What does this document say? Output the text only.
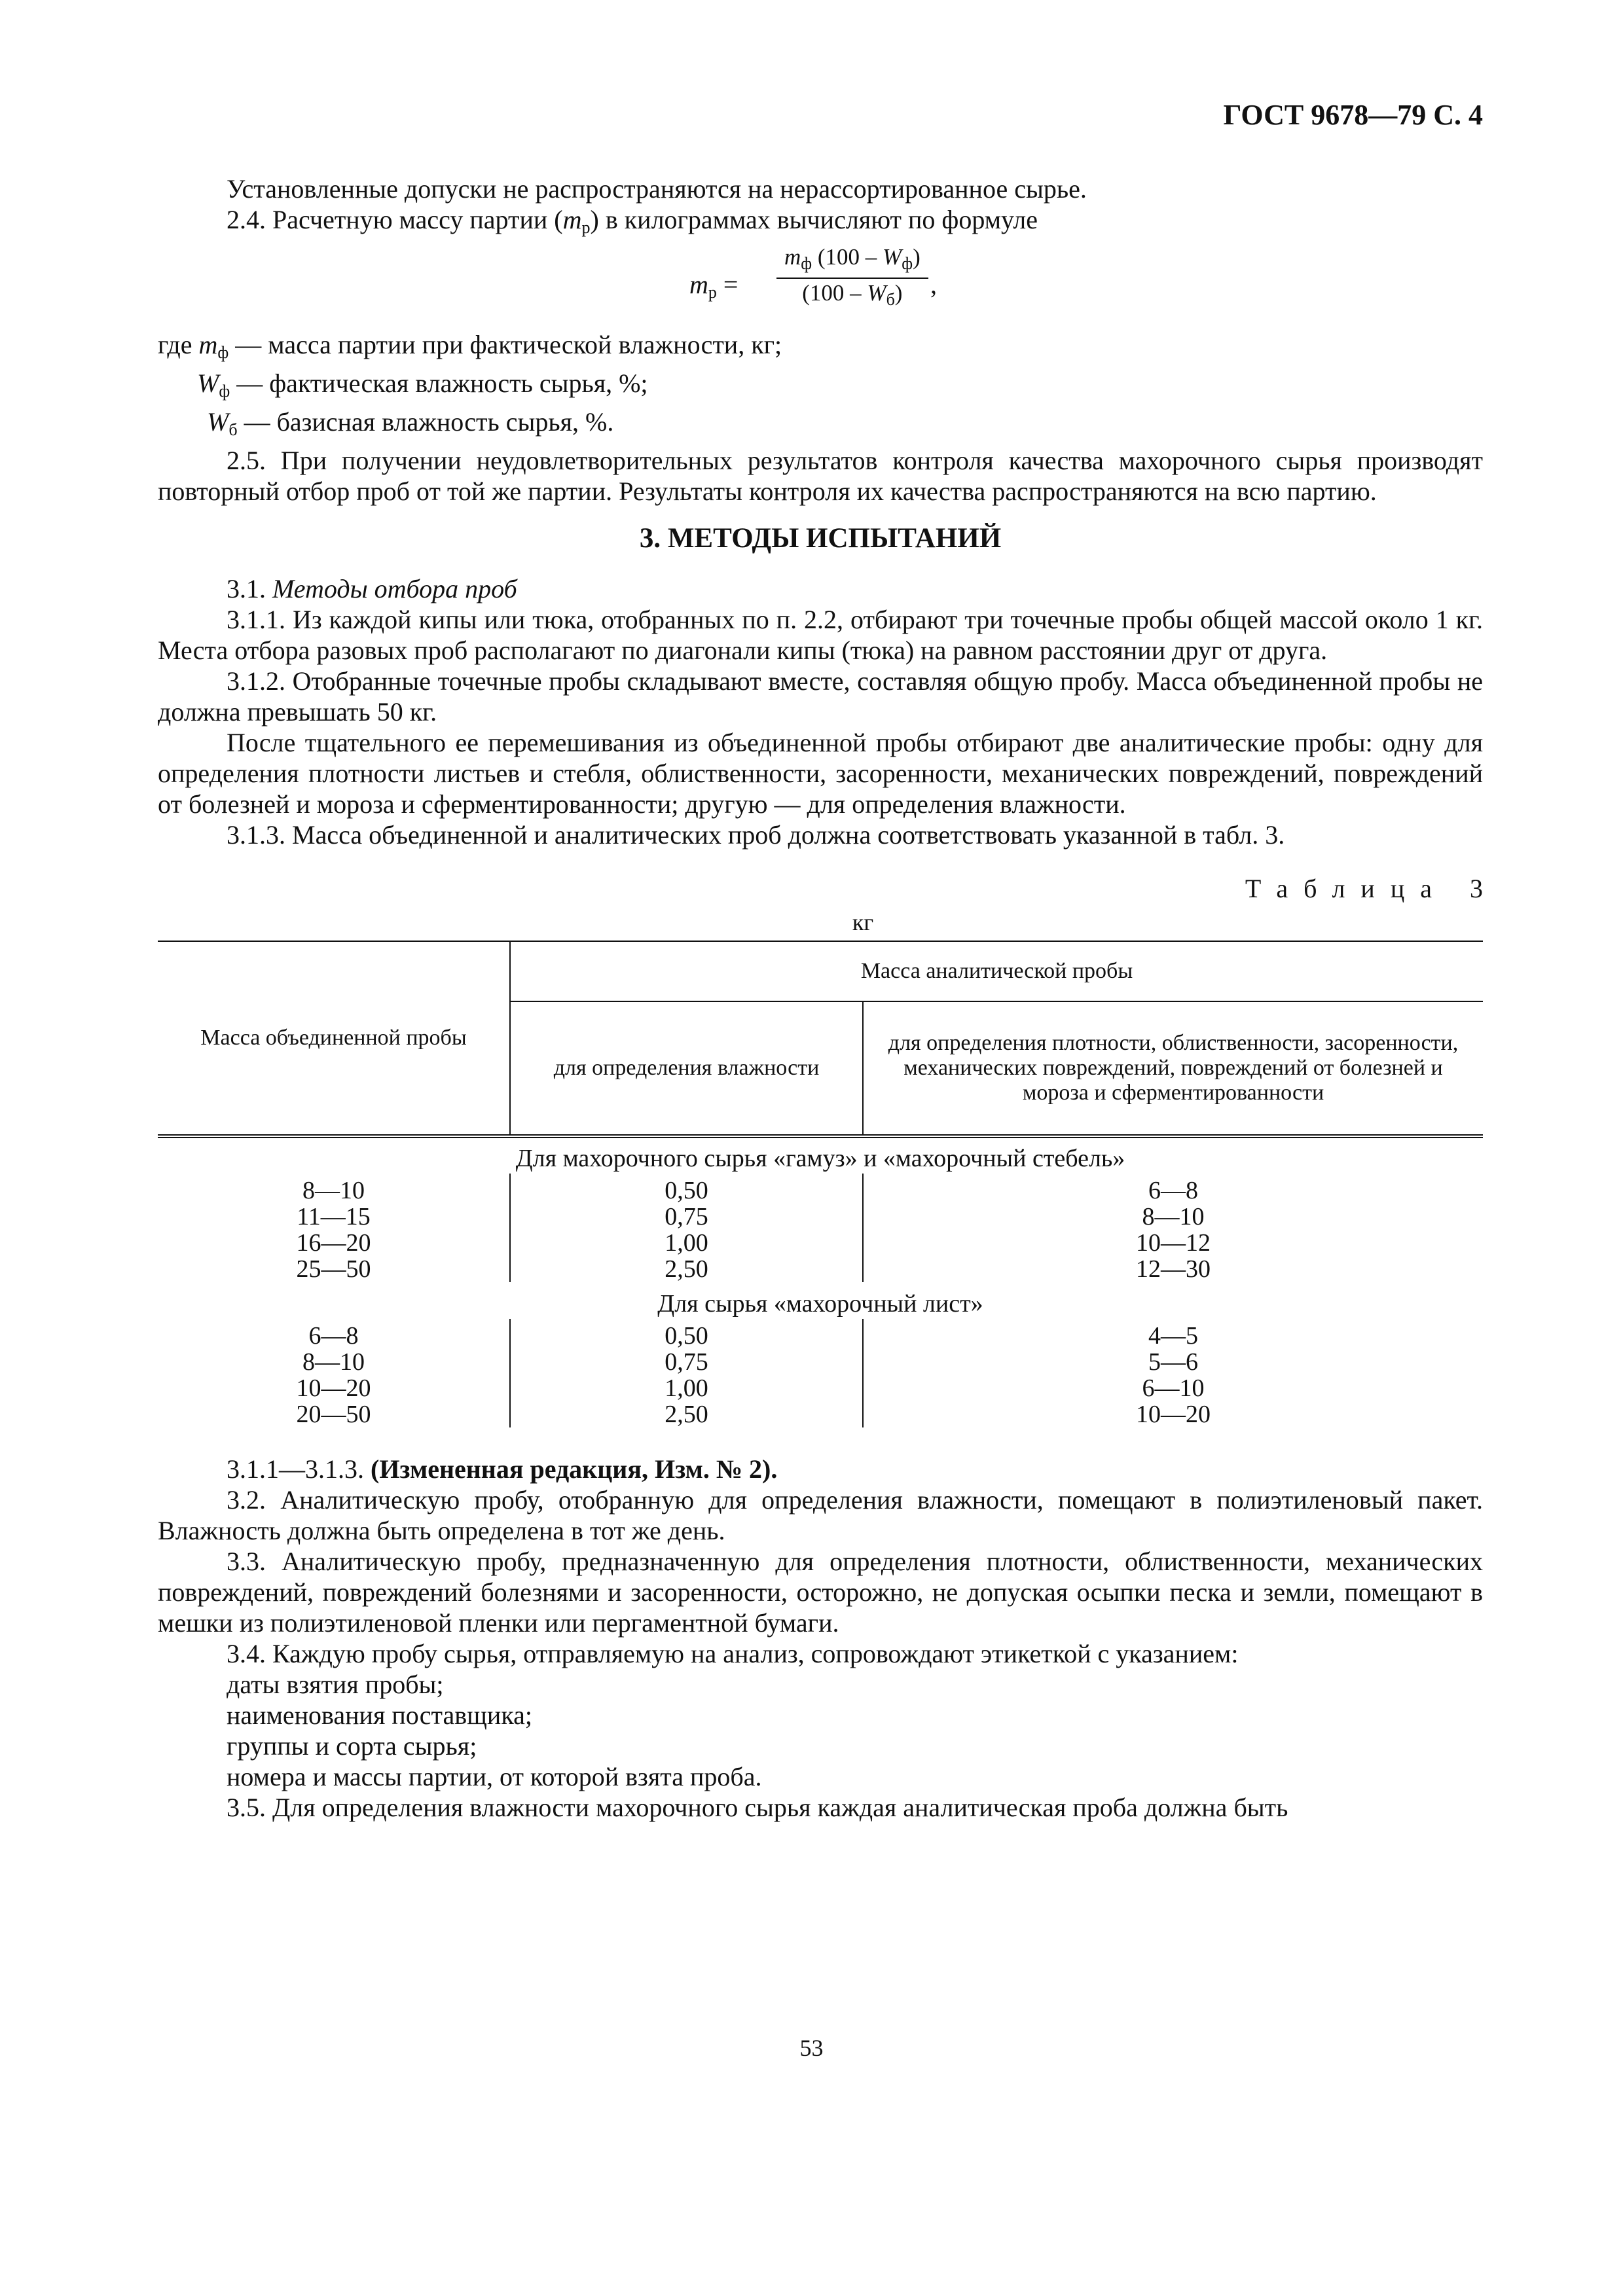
ГОСТ 9678—79 С. 4

Установленные допуски не распространяются на нерассортированное сырье.

2.4. Расчетную массу партии $(m_р)$ в килограммах вычисляют по формуле

$m_р$ =
$m_ф$ $(100 - W_ф)$
$(100 - W_б)$	,
где $m_ф$ — масса партии при фактической влажности, кг;
$W_ф$ — фактическая влажность сырья, %;
$W_б$ — базисная влажность сырья, %.

2.5. При получении неудовлетворительных результатов контроля качества махорочного сырья производят повторный отбор проб от той же партии. Результаты контроля их качества распространяются на всю партию.

3. МЕТОДЫ ИСПЫТАНИЙ

3.1. Методы отбора проб

3.1.1. Из каждой кипы или тюка, отобранных по п. 2.2, отбирают три точечные пробы общей массой около 1 кг. Места отбора разовых проб располагают по диагонали кипы (тюка) на равном расстоянии друг от друга.

3.1.2. Отобранные точечные пробы складывают вместе, составляя общую пробу. Масса объединенной пробы не должна превышать 50 кг.

После тщательного ее перемешивания из объединенной пробы отбирают две аналитические пробы: одну для определения плотности листьев и стебля, облиственности, засоренности, механических повреждений, повреждений от болезней и мороза и сферментированности; другую — для определения влажности.

3.1.3. Масса объединенной и аналитических проб должна соответствовать указанной в табл. 3.

Таблица 3
кг
Масса объединенной пробы	Масса аналитической пробы	
	для определения влажности	для определения плотности, облиственности, засоренности, механических повреждений, повреждений от болезней и мороза и сферментированности
Для махорочного сырья «гамуз» и «махорочный стебель»		
8—10	0,50	6—8
11—15	0,75	8—10
16—20	1,00	10—12
25—50	2,50	12—30
Для сырья «махорочный лист»		
6—8	0,50	4—5
8—10	0,75	5—6
10—20	1,00	6—10
20—50	2,50	10—20

3.1.1—3.1.3. (Измененная редакция, Изм. № 2).

3.2. Аналитическую пробу, отобранную для определения влажности, помещают в полиэтиленовый пакет. Влажность должна быть определена в тот же день.

3.3. Аналитическую пробу, предназначенную для определения плотности, облиственности, механических повреждений, повреждений болезнями и засоренности, осторожно, не допуская осыпки песка и земли, помещают в мешки из полиэтиленовой пленки или пергаментной бумаги.

3.4. Каждую пробу сырья, отправляемую на анализ, сопровождают этикеткой с указанием:

даты взятия пробы;

наименования поставщика;

группы и сорта сырья;

номера и массы партии, от которой взята проба.

3.5. Для определения влажности махорочного сырья каждая аналитическая проба должна быть

53
